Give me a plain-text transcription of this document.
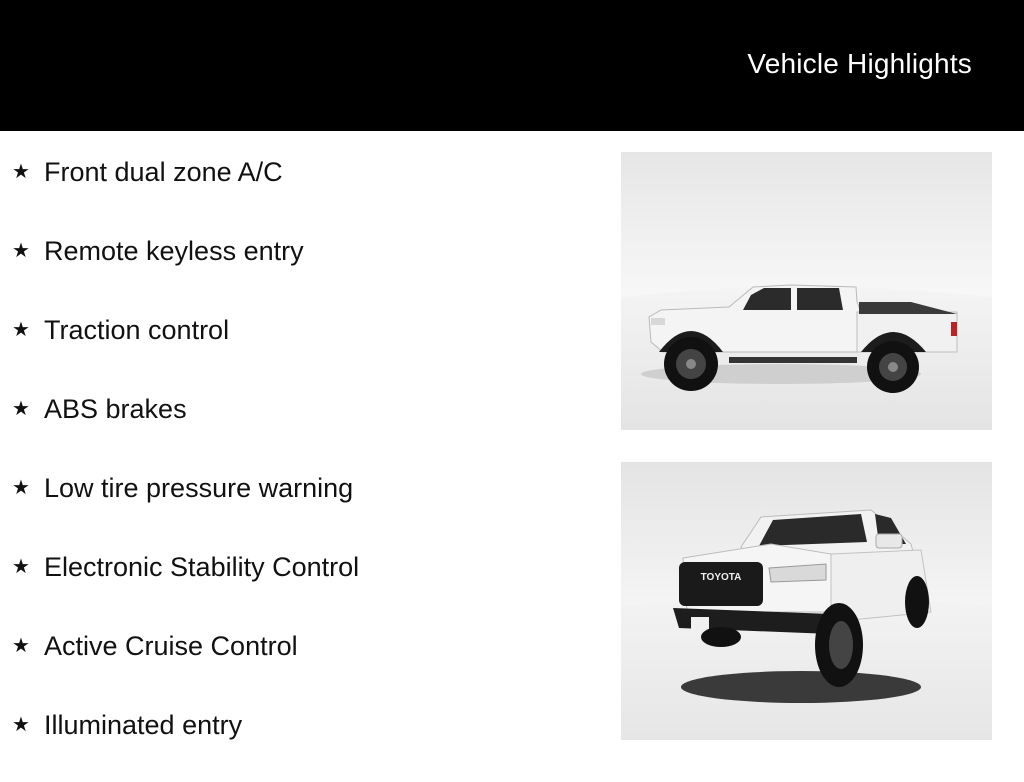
Vehicle Highlights
★ Front dual zone A/C
★ Remote keyless entry
★ Traction control
★ ABS brakes
★ Low tire pressure warning
★ Electronic Stability Control
★ Active Cruise Control
★ Illuminated entry
TOYOTA
